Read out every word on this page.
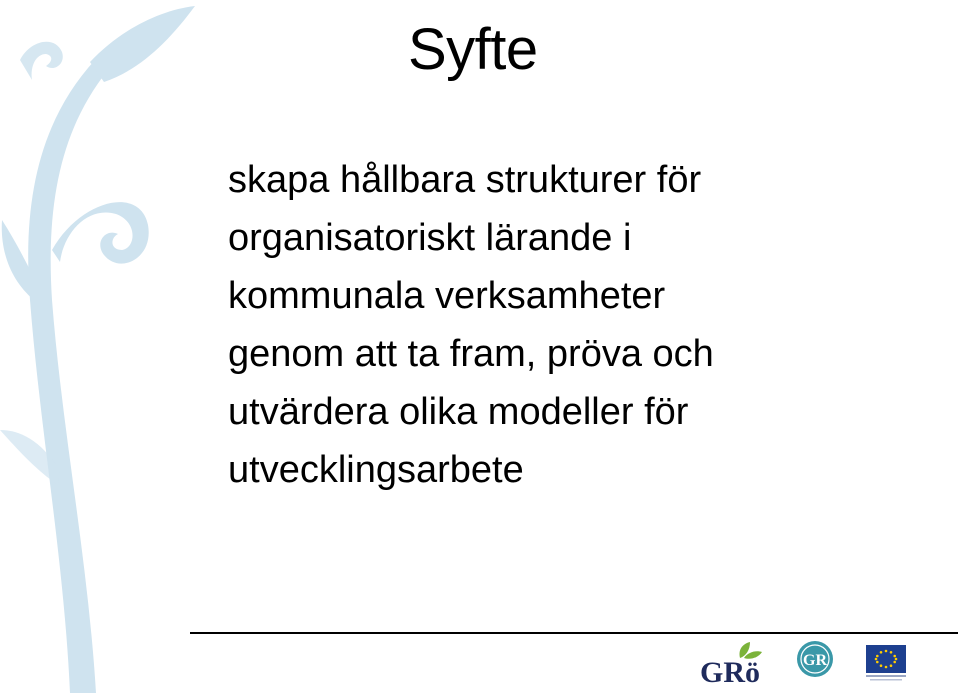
Syfte
skapa hållbara strukturer för
organisatoriskt lärande i
kommunala verksamheter
genom att ta fram, pröva och
utvärdera olika modeller för
utvecklingsarbete
GRö	GR
